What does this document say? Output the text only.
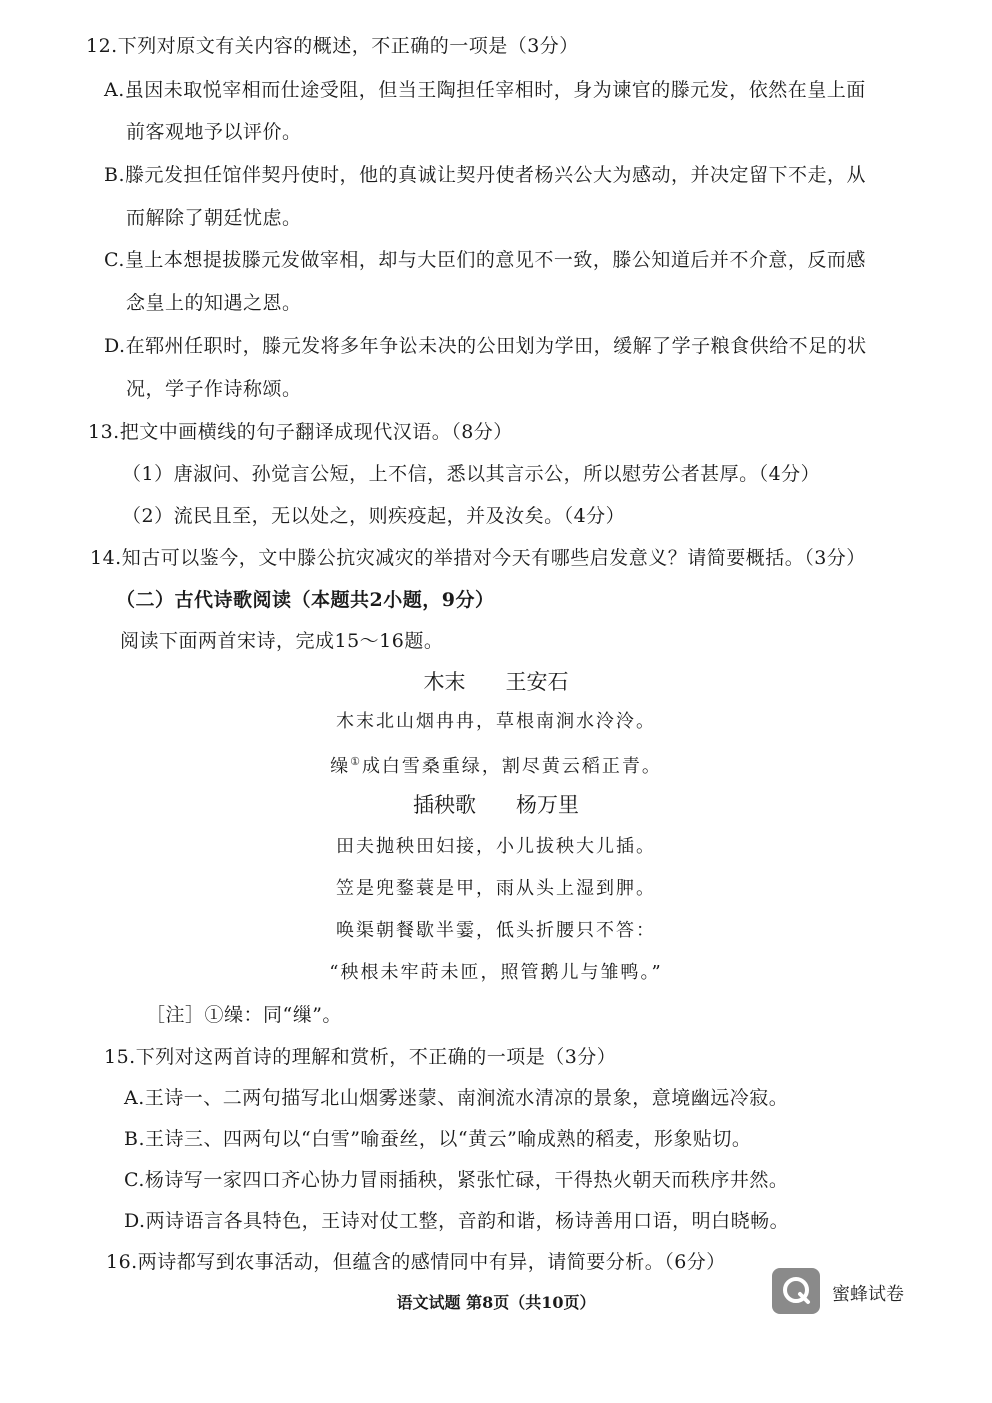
12.下列对原文有关内容的概述，不正确的一项是（3分）
A.虽因未取悦宰相而仕途受阻，但当王陶担任宰相时，身为谏官的滕元发，依然在皇上面
前客观地予以评价。
B.滕元发担任馆伴契丹使时，他的真诚让契丹使者杨兴公大为感动，并决定留下不走，从
而解除了朝廷忧虑。
C.皇上本想提拔滕元发做宰相，却与大臣们的意见不一致，滕公知道后并不介意，反而感
念皇上的知遇之恩。
D.在郓州任职时，滕元发将多年争讼未决的公田划为学田，缓解了学子粮食供给不足的状
况，学子作诗称颂。
13.把文中画横线的句子翻译成现代汉语。（8分）
（1）唐淑问、孙觉言公短，上不信，悉以其言示公，所以慰劳公者甚厚。（4分）
（2）流民且至，无以处之，则疾疫起，并及汝矣。（4分）
14.知古可以鉴今，文中滕公抗灾减灾的举措对今天有哪些启发意义？请简要概括。（3分）
（二）古代诗歌阅读（本题共2小题，9分）
阅读下面两首宋诗，完成15～16题。
木末 王安石
木末北山烟冉冉，草根南涧水泠泠。
缲①成白雪桑重绿，割尽黄云稻正青。
插秧歌 杨万里
田夫抛秧田妇接，小儿拔秧大儿插。
笠是兜鍪蓑是甲，雨从头上湿到胛。
唤渠朝餐歇半霎，低头折腰只不答：
“秧根未牢莳未匝，照管鹅儿与雏鸭。”
［注］①缲：同“缫”。
15.下列对这两首诗的理解和赏析，不正确的一项是（3分）
A.王诗一、二两句描写北山烟雾迷蒙、南涧流水清凉的景象，意境幽远冷寂。
B.王诗三、四两句以“白雪”喻蚕丝，以“黄云”喻成熟的稻麦，形象贴切。
C.杨诗写一家四口齐心协力冒雨插秧，紧张忙碌，干得热火朝天而秩序井然。
D.两诗语言各具特色，王诗对仗工整，音韵和谐，杨诗善用口语，明白晓畅。
16.两诗都写到农事活动，但蕴含的感情同中有异，请简要分析。（6分）
蜜蜂试卷
语文试题 第8页（共10页）
